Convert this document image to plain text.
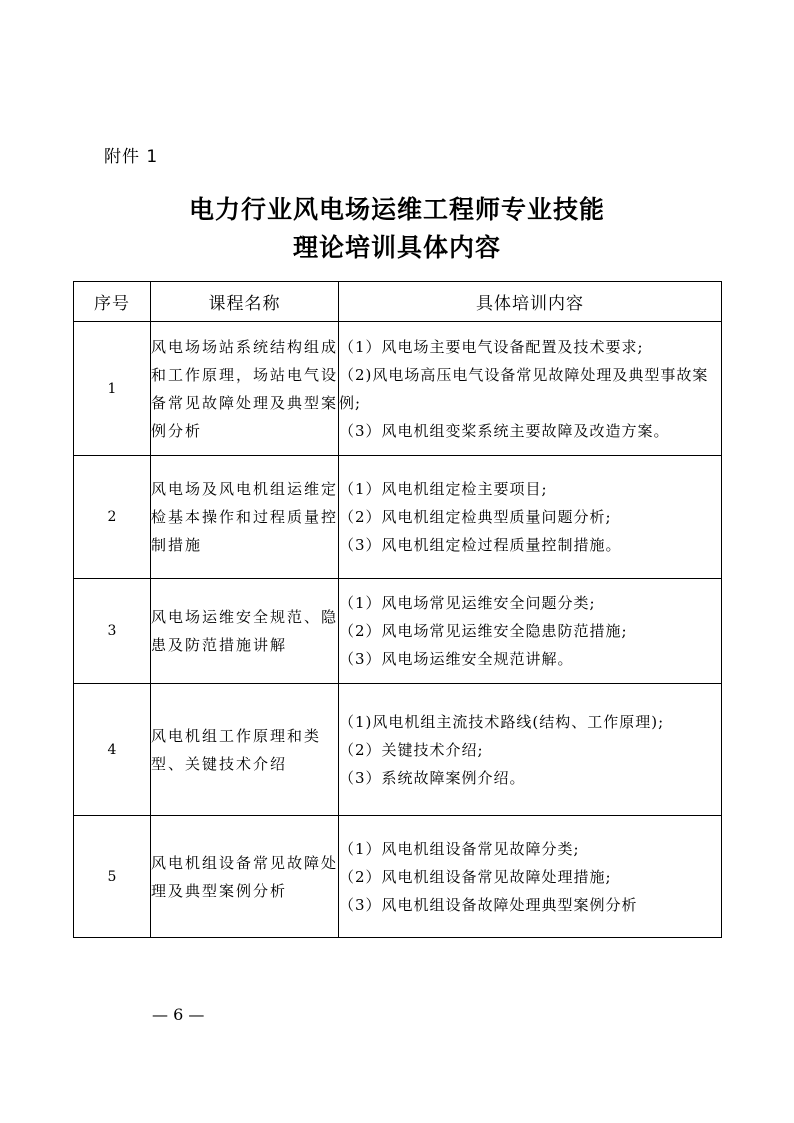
附件 1
电力行业风电场运维工程师专业技能
理论培训具体内容
序号	课程名称	具体培训内容
1	风电场场站系统结构组成和工作原理，场站电气设备常见故障处理及典型案例分析	（1）风电场主要电气设备配置及技术要求;
（2)风电场高压电气设备常见故障处理及典型事故案例;
（3）风电机组变桨系统主要故障及改造方案。

2	风电场及风电机组运维定检基本操作和过程质量控制措施	（1）风电机组定检主要项目;
（2）风电机组定检典型质量问题分析;
（3）风电机组定检过程质量控制措施。

3	风电场运维安全规范、隐患及防范措施讲解	（1）风电场常见运维安全问题分类;
（2）风电场常见运维安全隐患防范措施;
（3）风电场运维安全规范讲解。

4	风电机组工作原理和类型、关键技术介绍	（1)风电机组主流技术路线(结构、工作原理);
（2）关键技术介绍;
（3）系统故障案例介绍。

5	风电机组设备常见故障处理及典型案例分析	（1）风电机组设备常见故障分类;
（2）风电机组设备常见故障处理措施;
（3）风电机组设备故障处理典型案例分析
— 6 —
